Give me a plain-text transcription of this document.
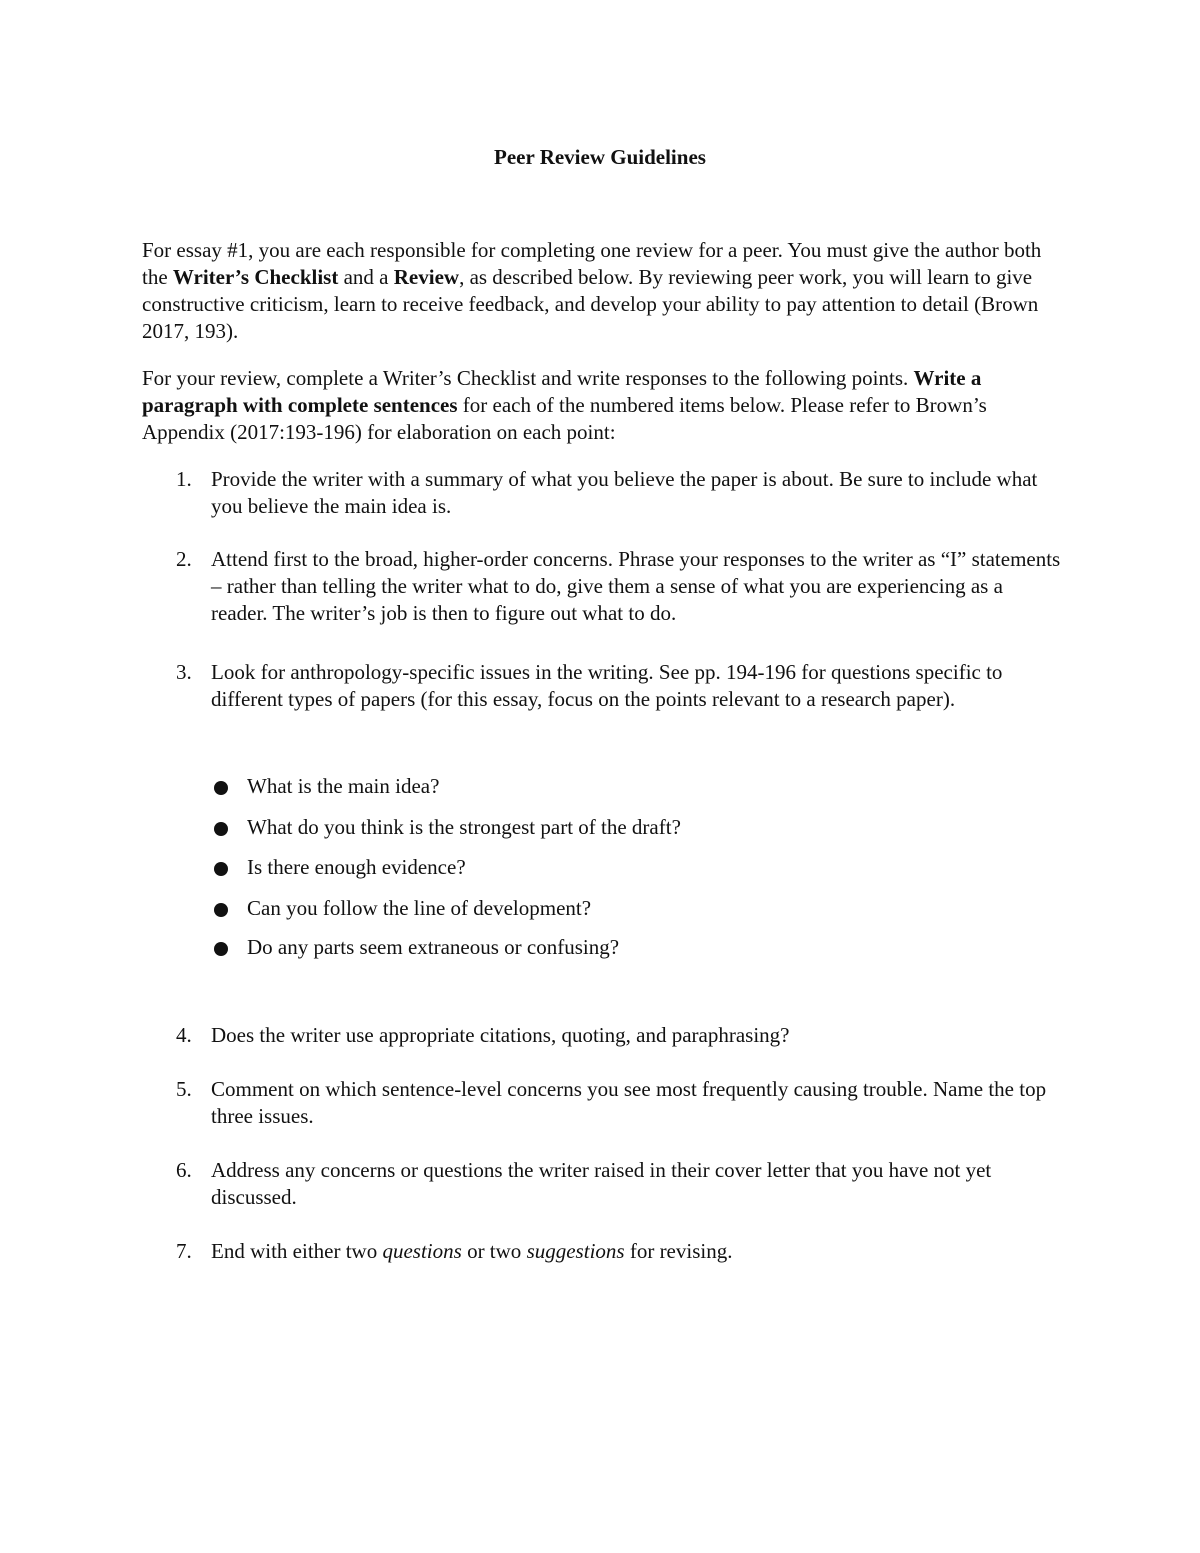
Peer Review Guidelines

For essay #1, you are each responsible for completing one review for a peer. You must give the author both the Writer’s Checklist and a Review, as described below. By reviewing peer work, you will learn to give constructive criticism, learn to receive feedback, and develop your ability to pay attention to detail (Brown 2017, 193).

For your review, complete a Writer’s Checklist and write responses to the following points. Write a paragraph with complete sentences for each of the numbered items below. Please refer to Brown’s Appendix (2017:193-196) for elaboration on each point:

1. Provide the writer with a summary of what you believe the paper is about. Be sure to include what you believe the main idea is.
2. Attend first to the broad, higher-order concerns. Phrase your responses to the writer as “I” statements – rather than telling the writer what to do, give them a sense of what you are experiencing as a reader. The writer’s job is then to figure out what to do.
3. Look for anthropology-specific issues in the writing. See pp. 194-196 for questions specific to different types of papers (for this essay, focus on the points relevant to a research paper).
What is the main idea?
What do you think is the strongest part of the draft?
Is there enough evidence?
Can you follow the line of development?
Do any parts seem extraneous or confusing?
4. Does the writer use appropriate citations, quoting, and paraphrasing?
5. Comment on which sentence-level concerns you see most frequently causing trouble. Name the top three issues.
6. Address any concerns or questions the writer raised in their cover letter that you have not yet discussed.
7. End with either two questions or two suggestions for revising.
